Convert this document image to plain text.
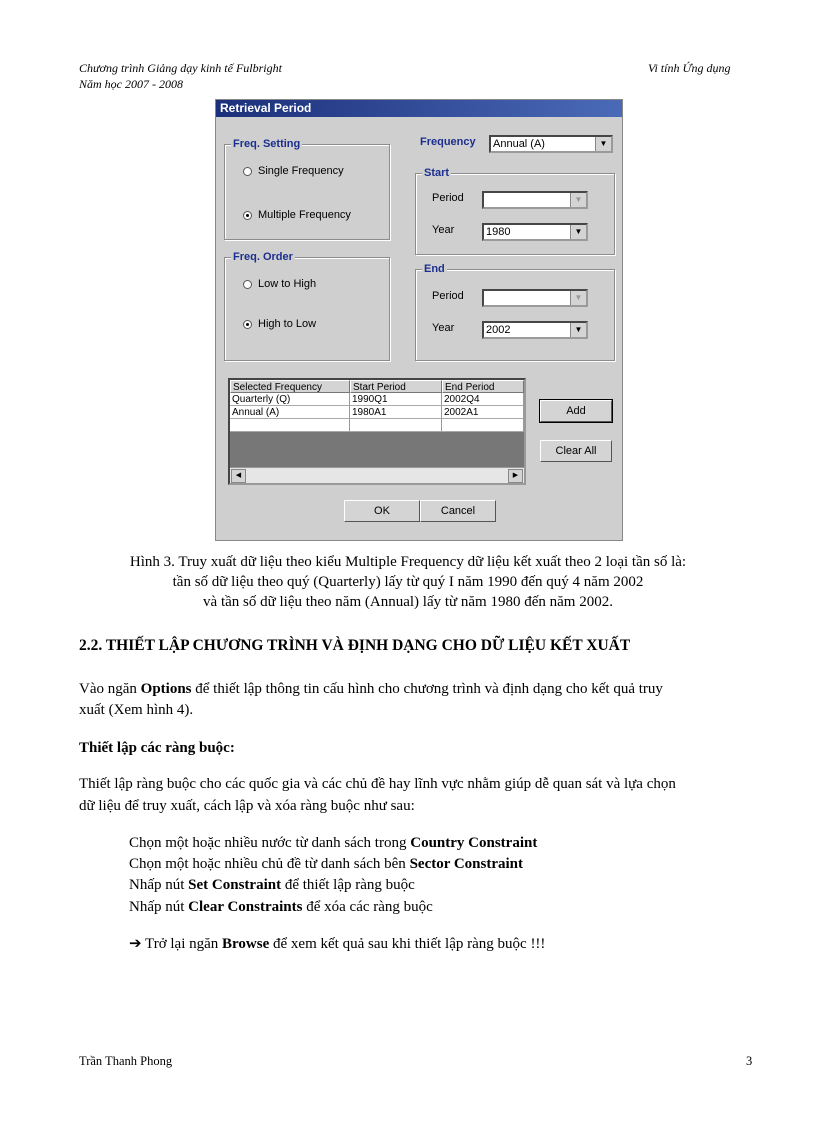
Chương trình Giảng dạy kinh tế Fulbright
Năm học 2007 - 2008
Vi tính Ứng dụng
Retrieval Period
Freq. Setting
Single Frequency
Multiple Frequency
Freq. Order
Low to High
High to Low
Frequency	Annual (A)	▼
Start
Period	▼
Year	1980	▼
End
Period	▼
Year	2002	▼
Selected Frequency	Start Period	End Period
Quarterly (Q)	1990Q1	2002Q4
Annual (A)	1980A1	2002A1
◀	▶
Add
Clear All
OK	Cancel
Hình 3. Truy xuất dữ liệu theo kiểu Multiple Frequency dữ liệu kết xuất theo 2 loại tần số là:
tần số dữ liệu theo quý (Quarterly) lấy từ quý I năm 1990 đến quý 4 năm 2002
và tần số dữ liệu theo năm (Annual) lấy từ năm 1980 đến năm 2002.
2.2. THIẾT LẬP CHƯƠNG TRÌNH VÀ ĐỊNH DẠNG CHO DỮ LIỆU KẾT XUẤT
Vào ngăn Options để thiết lập thông tin cấu hình cho chương trình và định dạng cho kết quả truy
xuất (Xem hình 4).
Thiết lập các ràng buộc:
Thiết lập ràng buộc cho các quốc gia và các chủ đề hay lĩnh vực nhằm giúp dễ quan sát và lựa chọn
dữ liệu để truy xuất, cách lập và xóa ràng buộc như sau:
Chọn một hoặc nhiều nước từ danh sách trong Country Constraint
Chọn một hoặc nhiều chủ đề từ danh sách bên Sector Constraint
Nhấp nút Set Constraint để thiết lập ràng buộc
Nhấp nút Clear Constraints để xóa các ràng buộc
➔ Trở lại ngăn Browse để xem kết quả sau khi thiết lập ràng buộc !!!
Trần Thanh Phong	3
